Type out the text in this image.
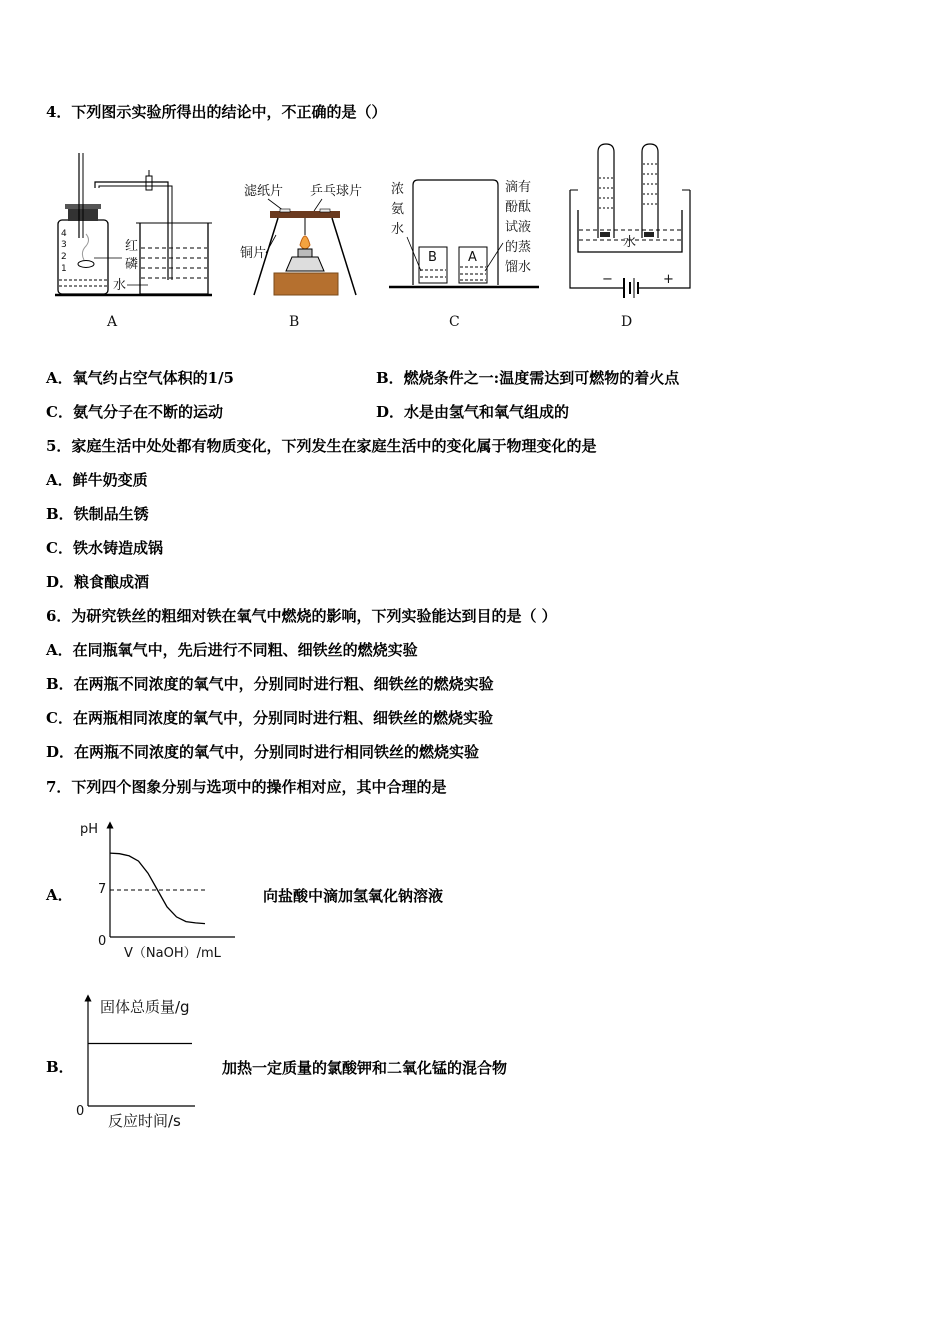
4．下列图示实验所得出的结论中，不正确的是（）
4
3
2
1
红
磷
水
A
滤纸片 乒乓球片
铜片
B
B A
浓
氨
水
滴有
酚酞
试液
的蒸
馏水
C
水
−	+
D
A．氧气约占空气体积的1/5	B．燃烧条件之一:温度需达到可燃物的着火点
C．氨气分子在不断的运动	D．水是由氢气和氧气组成的
5．家庭生活中处处都有物质变化，下列发生在家庭生活中的变化属于物理变化的是
A．鲜牛奶变质
B．铁制品生锈
C．铁水铸造成锅
D．粮食酿成酒
6．为研究铁丝的粗细对铁在氧气中燃烧的影响，下列实验能达到目的是（ ）
A．在同瓶氧气中，先后进行不同粗、细铁丝的燃烧实验
B．在两瓶不同浓度的氧气中，分别同时进行粗、细铁丝的燃烧实验
C．在两瓶相同浓度的氧气中，分别同时进行粗、细铁丝的燃烧实验
D．在两瓶不同浓度的氧气中，分别同时进行相同铁丝的燃烧实验
7．下列四个图象分别与选项中的操作相对应，其中合理的是
A．
pH
7
0
V（NaOH）/mL
向盐酸中滴加氢氧化钠溶液
B．
固体总质量/g
0
反应时间/s
加热一定质量的氯酸钾和二氧化锰的混合物
